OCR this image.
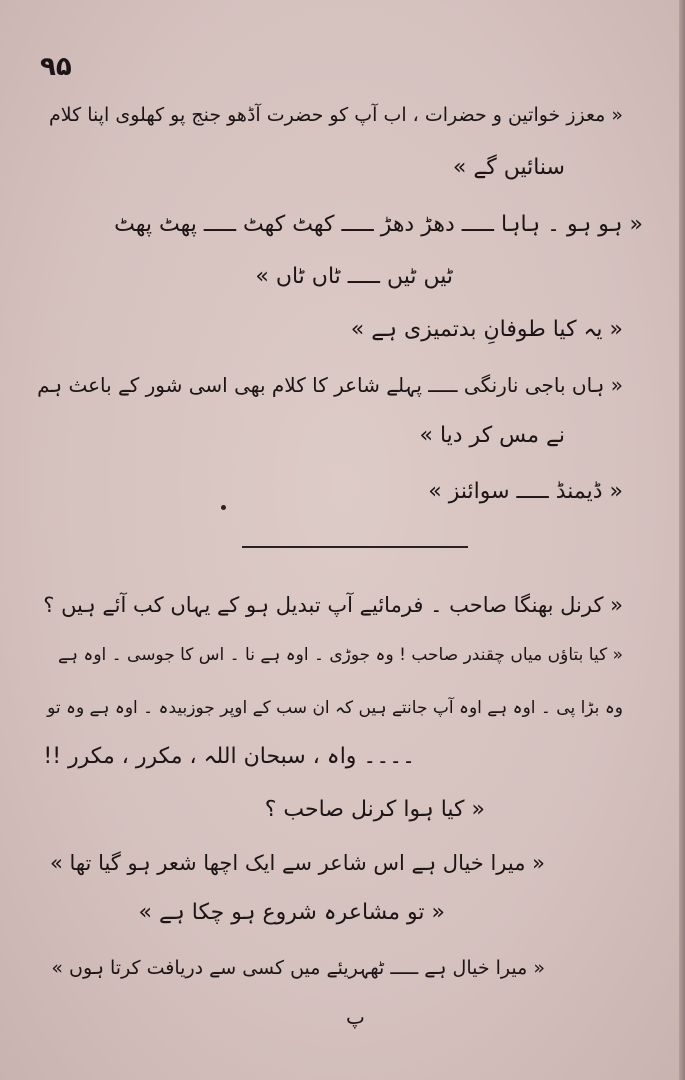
۹۵
« معزز خواتین و حضرات ، اب آپ کو حضرت آڈھو جنج پو کھلوی اپنا کلام
سنائیں گے »
« ہو ہو ۔ ہاہا ـــــ دھڑ دھڑ ـــــ کھٹ کھٹ ـــــ پھٹ پھٹ
ٹیں ٹیں ـــــ ٹاں ٹاں »
« یہ کیا طوفانِ بدتمیزی ہے »
« ہاں باجی نارنگی ـــــ پہلے شاعر کا کلام بھی اسی شور کے باعث ہم
نے مس کر دیا »
« ڈیمنڈ ـــــ سوائنز »
« کرنل بھنگا صاحب ۔ فرمائیے آپ تبدیل ہو کے یہاں کب آئے ہیں ؟
« کیا بتاؤں میاں چقندر صاحب ! وہ جوڑی ۔ اوہ ہے نا ۔ اس کا جوسی ۔ اوہ ہے
وہ بڑا پی ۔ اوہ ہے اوہ آپ جانتے ہیں کہ ان سب کے اوپر جوزبیدہ ۔ اوہ ہے وہ تو
۔۔۔۔ واہ ، سبحان اللہ ، مکرر ، مکرر !!
« کیا ہوا کرنل صاحب ؟
« میرا خیال ہے اس شاعر سے ایک اچھا شعر ہو گیا تھا »
« تو مشاعرہ شروع ہو چکا ہے »
« میرا خیال ہے ـــــ ٹھہریئے میں کسی سے دریافت کرتا ہوں »
پ
